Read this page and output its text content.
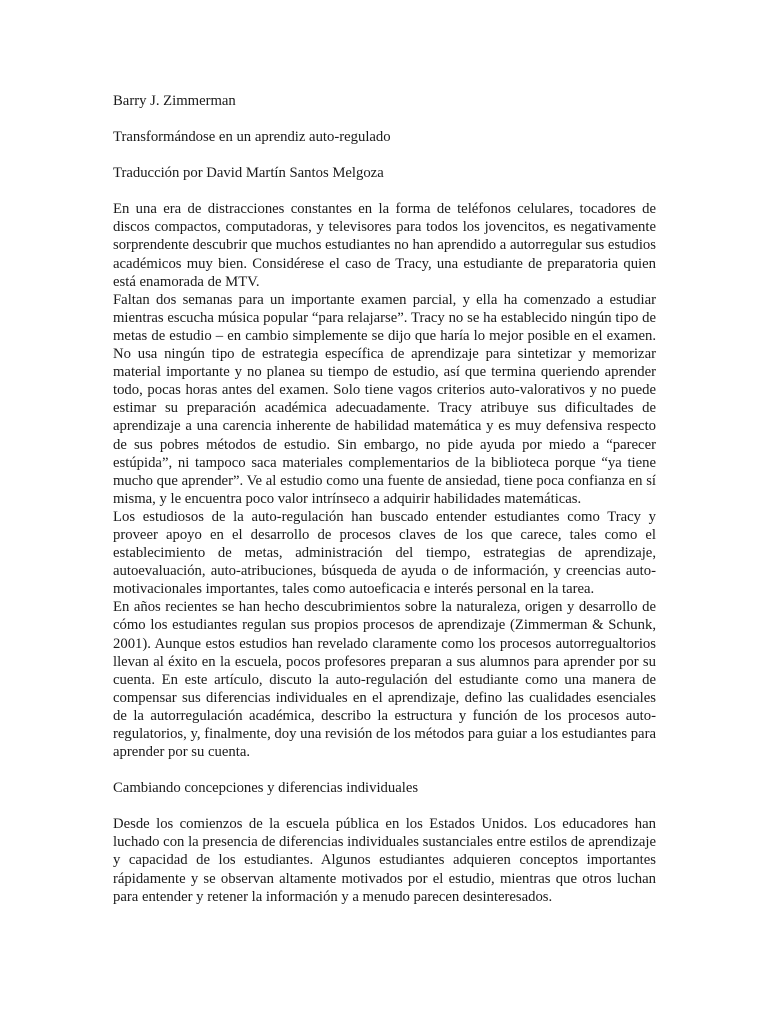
Barry J. Zimmerman
Transformándose en un aprendiz auto-regulado
Traducción por David Martín Santos Melgoza

En una era de distracciones constantes en la forma de teléfonos celulares, tocadores de discos compactos, computadoras, y televisores para todos los jovencitos, es negativamente sorprendente descubrir que muchos estudiantes no han aprendido a autorregular sus estudios académicos muy bien. Considérese el caso de Tracy, una estudiante de preparatoria quien está enamorada de MTV.

Faltan dos semanas para un importante examen parcial, y ella ha comenzado a estudiar mientras escucha música popular “para relajarse”. Tracy no se ha establecido ningún tipo de metas de estudio – en cambio simplemente se dijo que haría lo mejor posible en el examen. No usa ningún tipo de estrategia específica de aprendizaje para sintetizar y memorizar material importante y no planea su tiempo de estudio, así que termina queriendo aprender todo, pocas horas antes del examen. Solo tiene vagos criterios auto-valorativos y no puede estimar su preparación académica adecuadamente. Tracy atribuye sus dificultades de aprendizaje a una carencia inherente de habilidad matemática y es muy defensiva respecto de sus pobres métodos de estudio. Sin embargo, no pide ayuda por miedo a “parecer estúpida”, ni tampoco saca materiales complementarios de la biblioteca porque “ya tiene mucho que aprender”. Ve al estudio como una fuente de ansiedad, tiene poca confianza en sí misma, y le encuentra poco valor intrínseco a adquirir habilidades matemáticas.

Los estudiosos de la auto-regulación han buscado entender estudiantes como Tracy y proveer apoyo en el desarrollo de procesos claves de los que carece, tales como el establecimiento de metas, administración del tiempo, estrategias de aprendizaje, autoevaluación, auto-atribuciones, búsqueda de ayuda o de información, y creencias auto-motivacionales importantes, tales como autoeficacia e interés personal en la tarea.

En años recientes se han hecho descubrimientos sobre la naturaleza, origen y desarrollo de cómo los estudiantes regulan sus propios procesos de aprendizaje (Zimmerman & Schunk, 2001). Aunque estos estudios han revelado claramente como los procesos autorregualtorios llevan al éxito en la escuela, pocos profesores preparan a sus alumnos para aprender por su cuenta. En este artículo, discuto la auto-regulación del estudiante como una manera de compensar sus diferencias individuales en el aprendizaje, defino las cualidades esenciales de la autorregulación académica, describo la estructura y función de los procesos auto-regulatorios, y, finalmente, doy una revisión de los métodos para guiar a los estudiantes para aprender por su cuenta.

Cambiando concepciones y diferencias individuales

Desde los comienzos de la escuela pública en los Estados Unidos. Los educadores han luchado con la presencia de diferencias individuales sustanciales entre estilos de aprendizaje y capacidad de los estudiantes. Algunos estudiantes adquieren conceptos importantes rápidamente y se observan altamente motivados por el estudio, mientras que otros luchan para entender y retener la información y a menudo parecen desinteresados.
